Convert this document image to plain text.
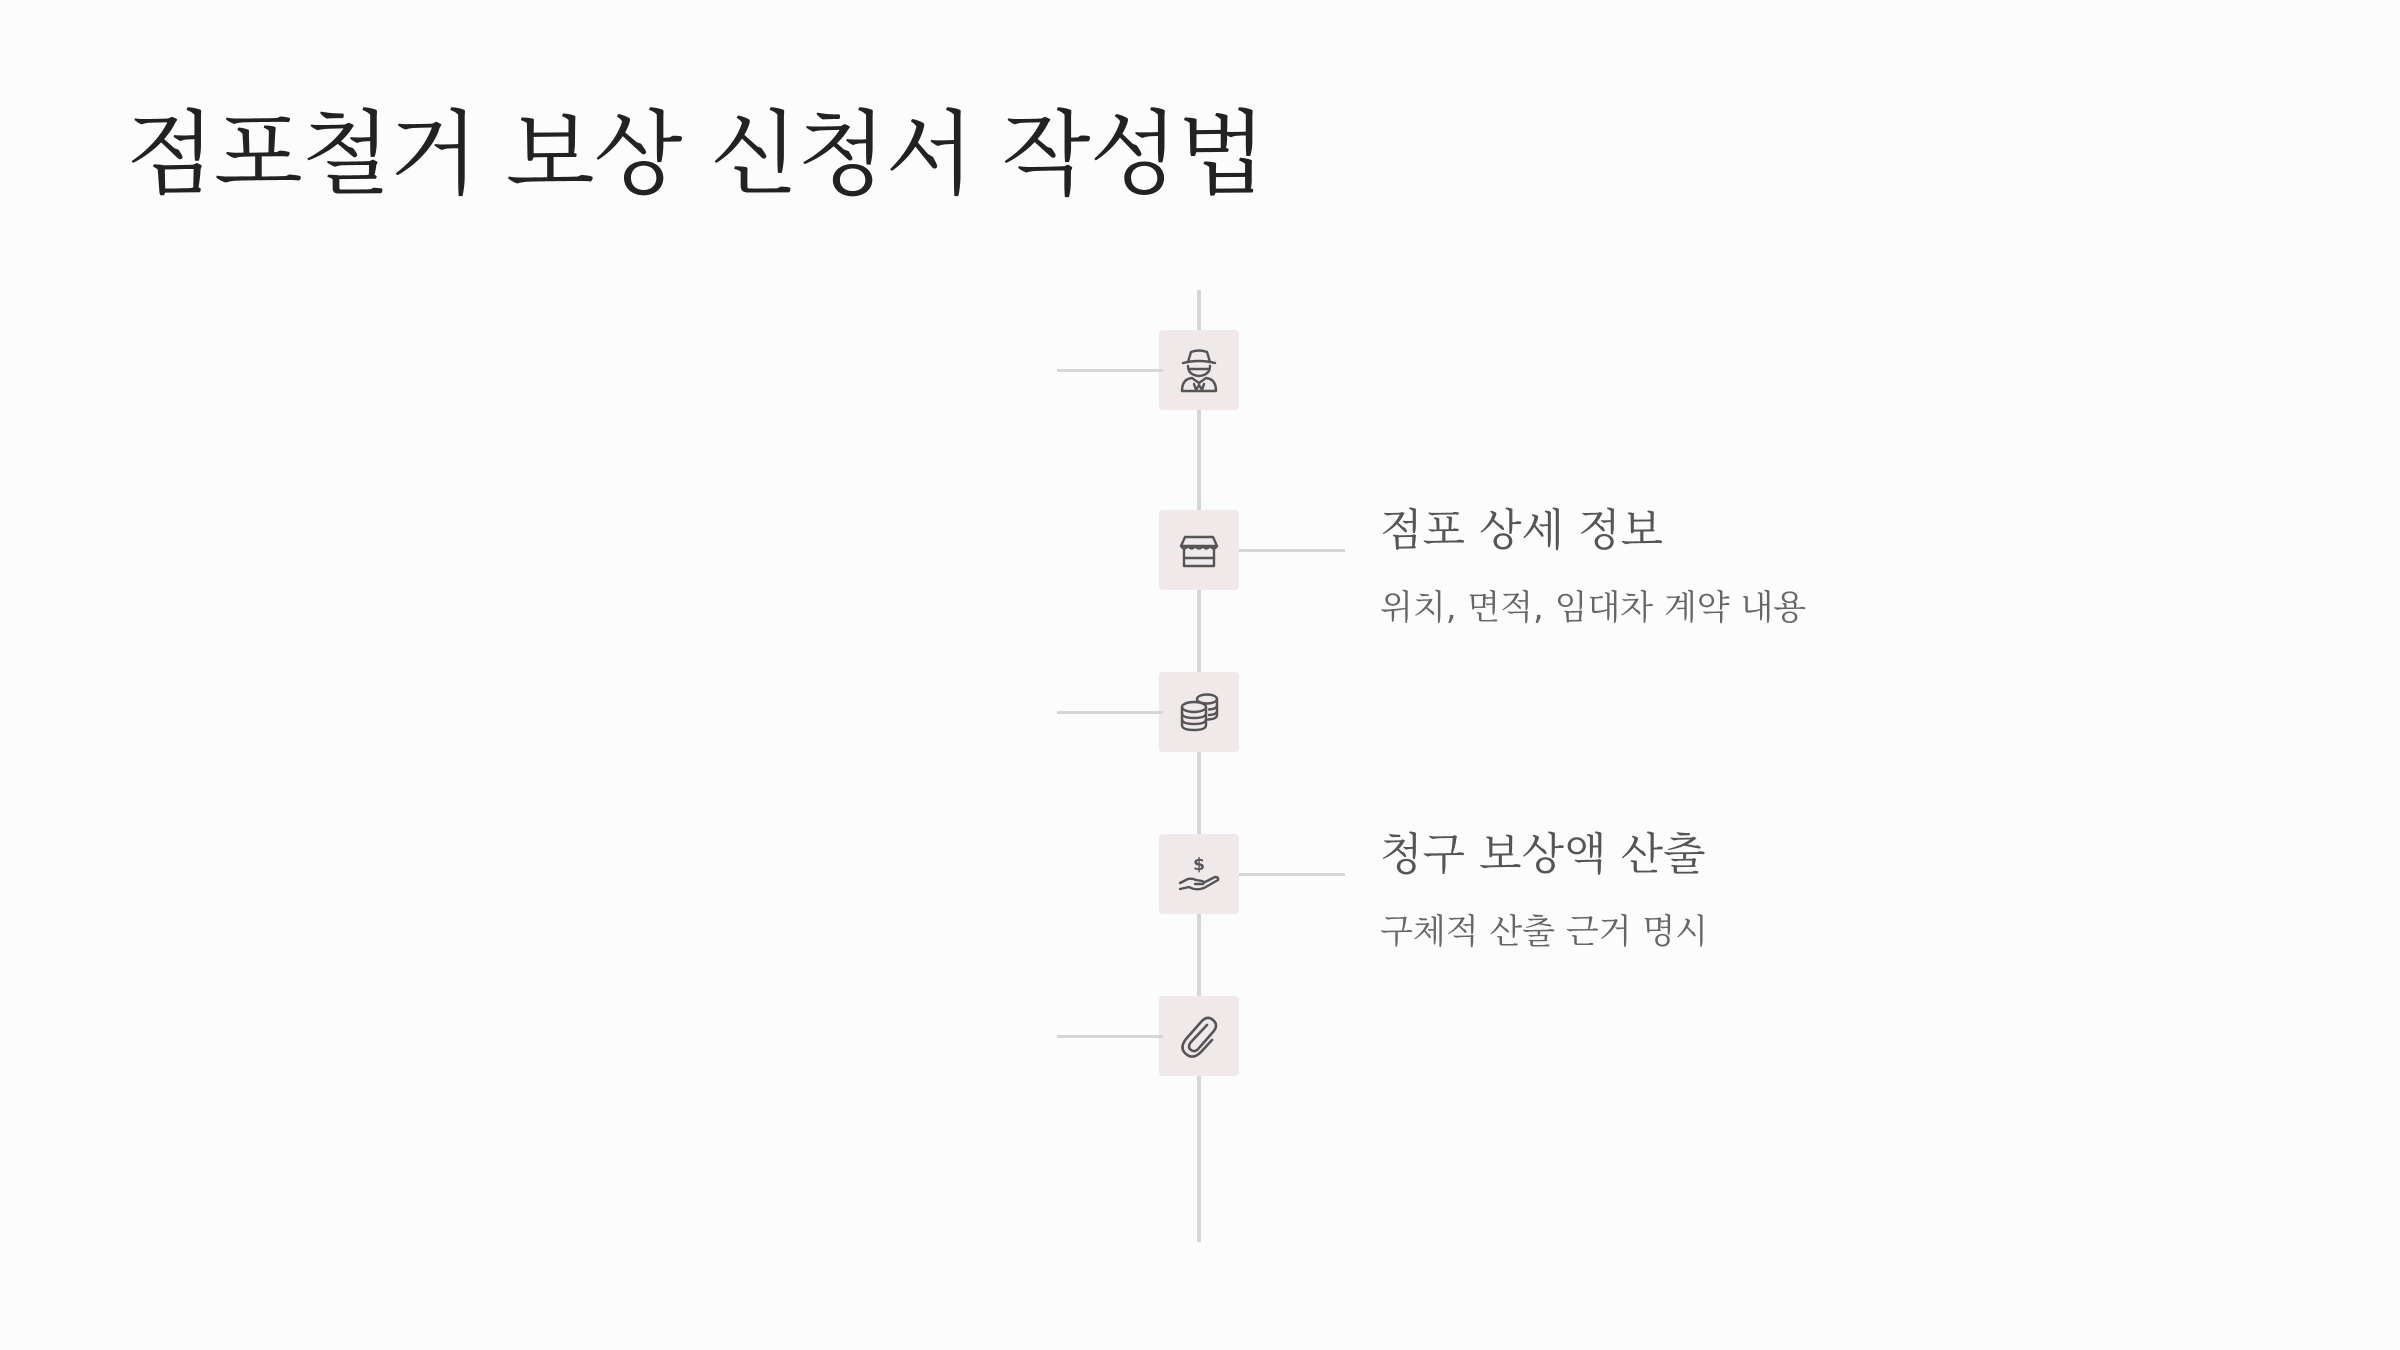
점포철거 보상 신청서 작성법
점포 상세 정보
위치, 면적, 임대차 계약 내용
$	청구 보상액 산출
구체적 산출 근거 명시
